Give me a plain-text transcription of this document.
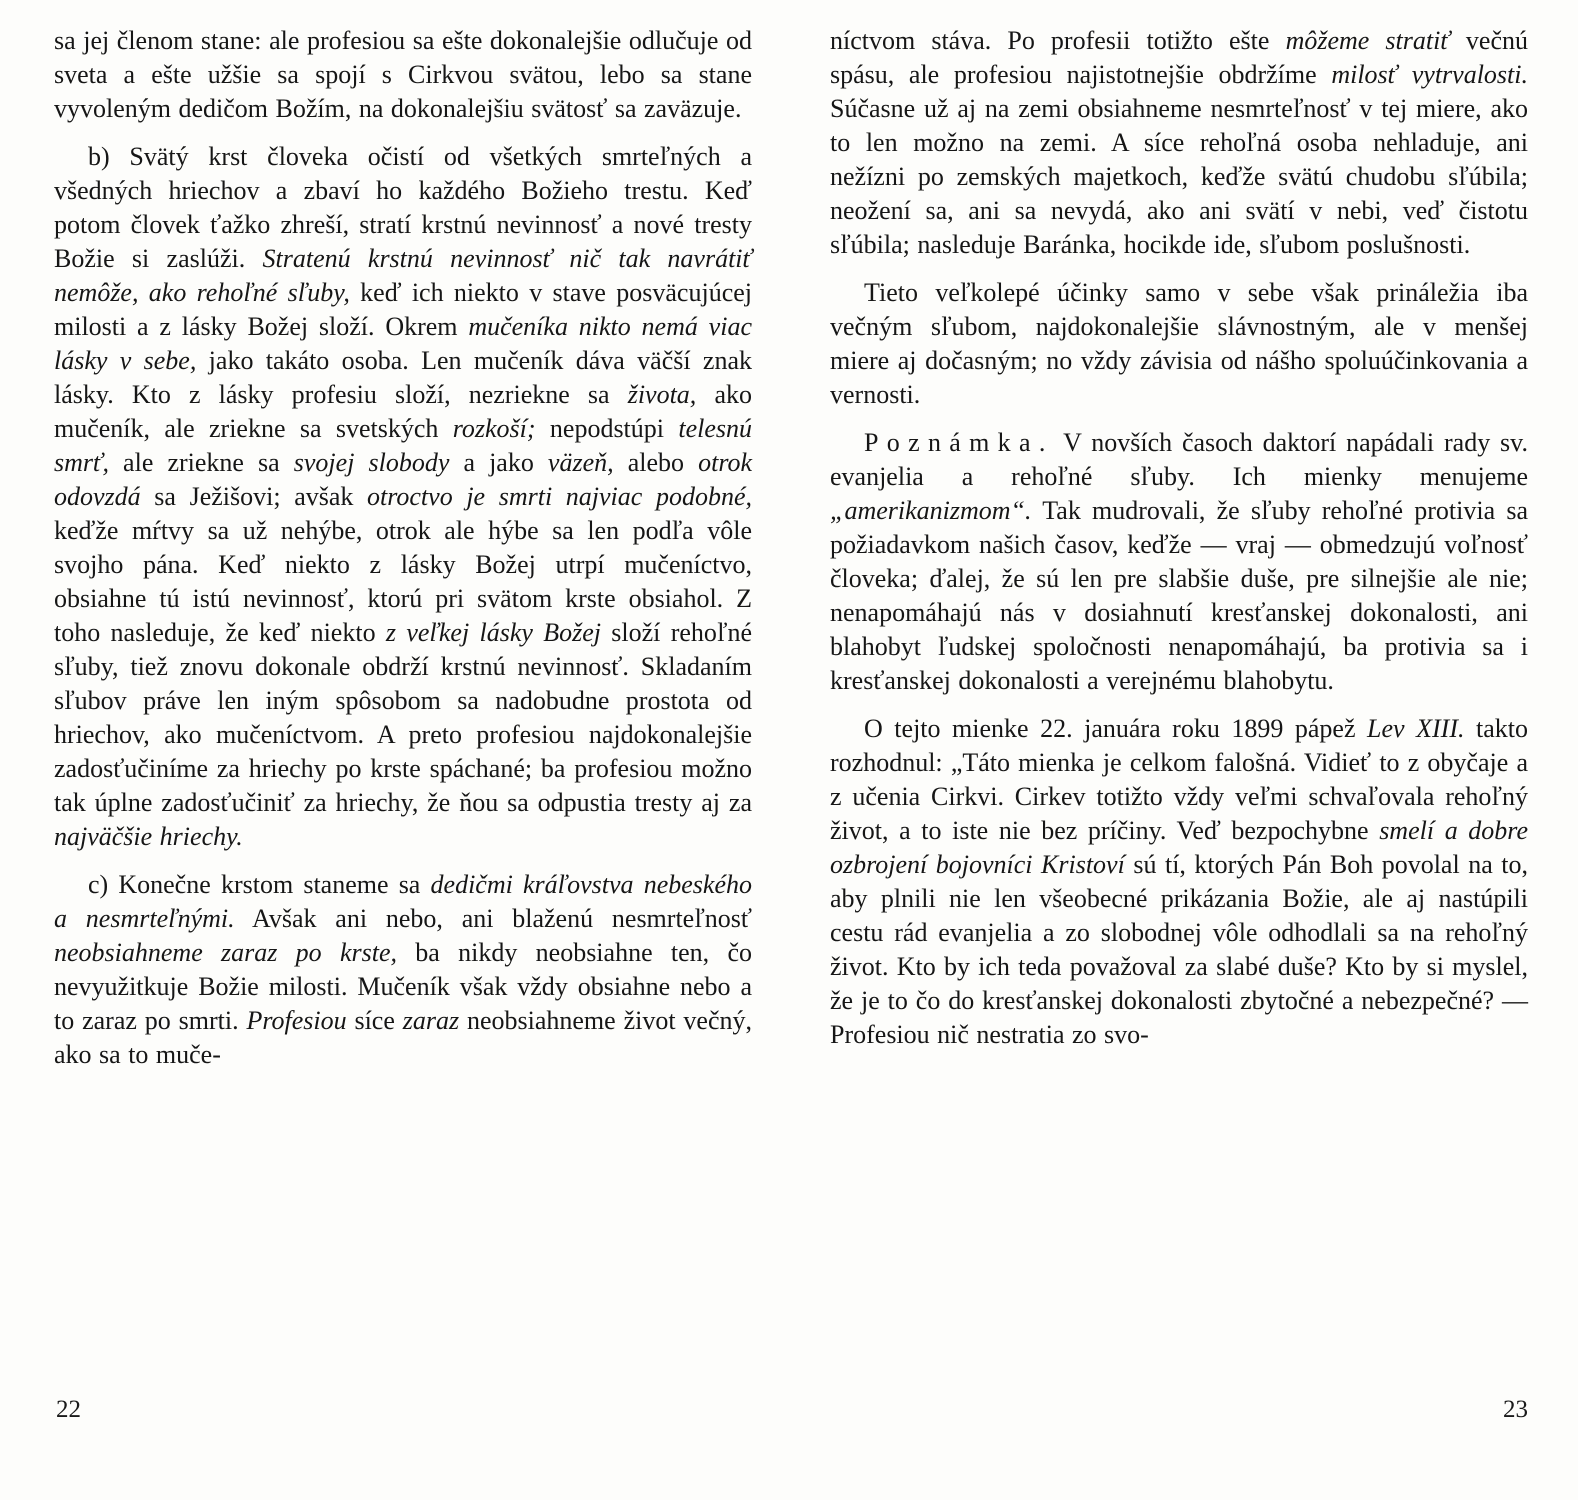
sa jej členom stane: ale profesiou sa ešte dokonalejšie odlučuje od sveta a ešte užšie sa spojí s Cirkvou svätou, lebo sa stane vyvoleným dedičom Božím, na dokonalejšiu svätosť sa zaväzuje.

b) Svätý krst človeka očistí od všetkých smrteľných a všedných hriechov a zbaví ho každého Božieho trestu. Keď potom človek ťažko zhreší, stratí krstnú nevinnosť a nové tresty Božie si zaslúži. Stratenú krstnú nevinnosť nič tak navrátiť nemôže, ako rehoľné sľuby, keď ich niekto v stave posväcujúcej milosti a z lásky Božej složí. Okrem mučeníka nikto nemá viac lásky v sebe, jako takáto osoba. Len mučeník dáva väčší znak lásky. Kto z lásky profesiu složí, nezriekne sa života, ako mučeník, ale zriekne sa svetských rozkoší; nepodstúpi telesnú smrť, ale zriekne sa svojej slobody a jako väzeň, alebo otrok odovzdá sa Ježišovi; avšak otroctvo je smrti najviac podobné, keďže mŕtvy sa už nehýbe, otrok ale hýbe sa len podľa vôle svojho pána. Keď niekto z lásky Božej utrpí mučeníctvo, obsiahne tú istú nevinnosť, ktorú pri svätom krste obsiahol. Z toho nasleduje, že keď niekto z veľkej lásky Božej složí rehoľné sľuby, tiež znovu dokonale obdrží krstnú nevinnosť. Skladaním sľubov práve len iným spôsobom sa nadobudne prostota od hriechov, ako mučeníctvom. A preto profesiou najdokonalejšie zadosťučiníme za hriechy po krste spáchané; ba profesiou možno tak úplne zadosťučiniť za hriechy, že ňou sa odpustia tresty aj za najväčšie hriechy.

c) Konečne krstom staneme sa dedičmi kráľovstva nebeského a nesmrteľnými. Avšak ani nebo, ani blaženú nesmrteľnosť neobsiahneme zaraz po krste, ba nikdy neobsiahne ten, čo nevyužitkuje Božie milosti. Mučeník však vždy obsiahne nebo a to zaraz po smrti. Profesiou síce zaraz neobsiahneme život večný, ako sa to muče-

22

níctvom stáva. Po profesii totižto ešte môžeme stratiť večnú spásu, ale profesiou najistotnejšie obdržíme milosť vytrvalosti. Súčasne už aj na zemi obsiahneme nesmrteľnosť v tej miere, ako to len možno na zemi. A síce rehoľná osoba nehladuje, ani nežízni po zemských majetkoch, keďže svätú chudobu sľúbila; neožení sa, ani sa nevydá, ako ani svätí v nebi, veď čistotu sľúbila; nasleduje Baránka, hocikde ide, sľubom poslušnosti.

Tieto veľkolepé účinky samo v sebe však prináležia iba večným sľubom, najdokonalejšie slávnostným, ale v menšej miere aj dočasným; no vždy závisia od nášho spoluúčinkovania a vernosti.

Poznámka. V novších časoch daktorí napádali rady sv. evanjelia a rehoľné sľuby. Ich mienky menujeme „amerikanizmom“. Tak mudrovali, že sľuby rehoľné protivia sa požiadavkom našich časov, keďže — vraj — obmedzujú voľnosť človeka; ďalej, že sú len pre slabšie duše, pre silnejšie ale nie; nenapomáhajú nás v dosiahnutí kresťanskej dokonalosti, ani blahobyt ľudskej spoločnosti nenapomáhajú, ba protivia sa i kresťanskej dokonalosti a verejnému blahobytu.

O tejto mienke 22. januára roku 1899 pápež Lev XIII. takto rozhodnul: „Táto mienka je celkom falošná. Vidieť to z obyčaje a z učenia Cirkvi. Cirkev totižto vždy veľmi schvaľovala rehoľný život, a to iste nie bez príčiny. Veď bezpochybne smelí a dobre ozbrojení bojovníci Kristoví sú tí, ktorých Pán Boh povolal na to, aby plnili nie len všeobecné prikázania Božie, ale aj nastúpili cestu rád evanjelia a zo slobodnej vôle odhodlali sa na rehoľný život. Kto by ich teda považoval za slabé duše? Kto by si myslel, že je to čo do kresťanskej dokonalosti zbytočné a nebezpečné? — Profesiou nič nestratia zo svo-

23
